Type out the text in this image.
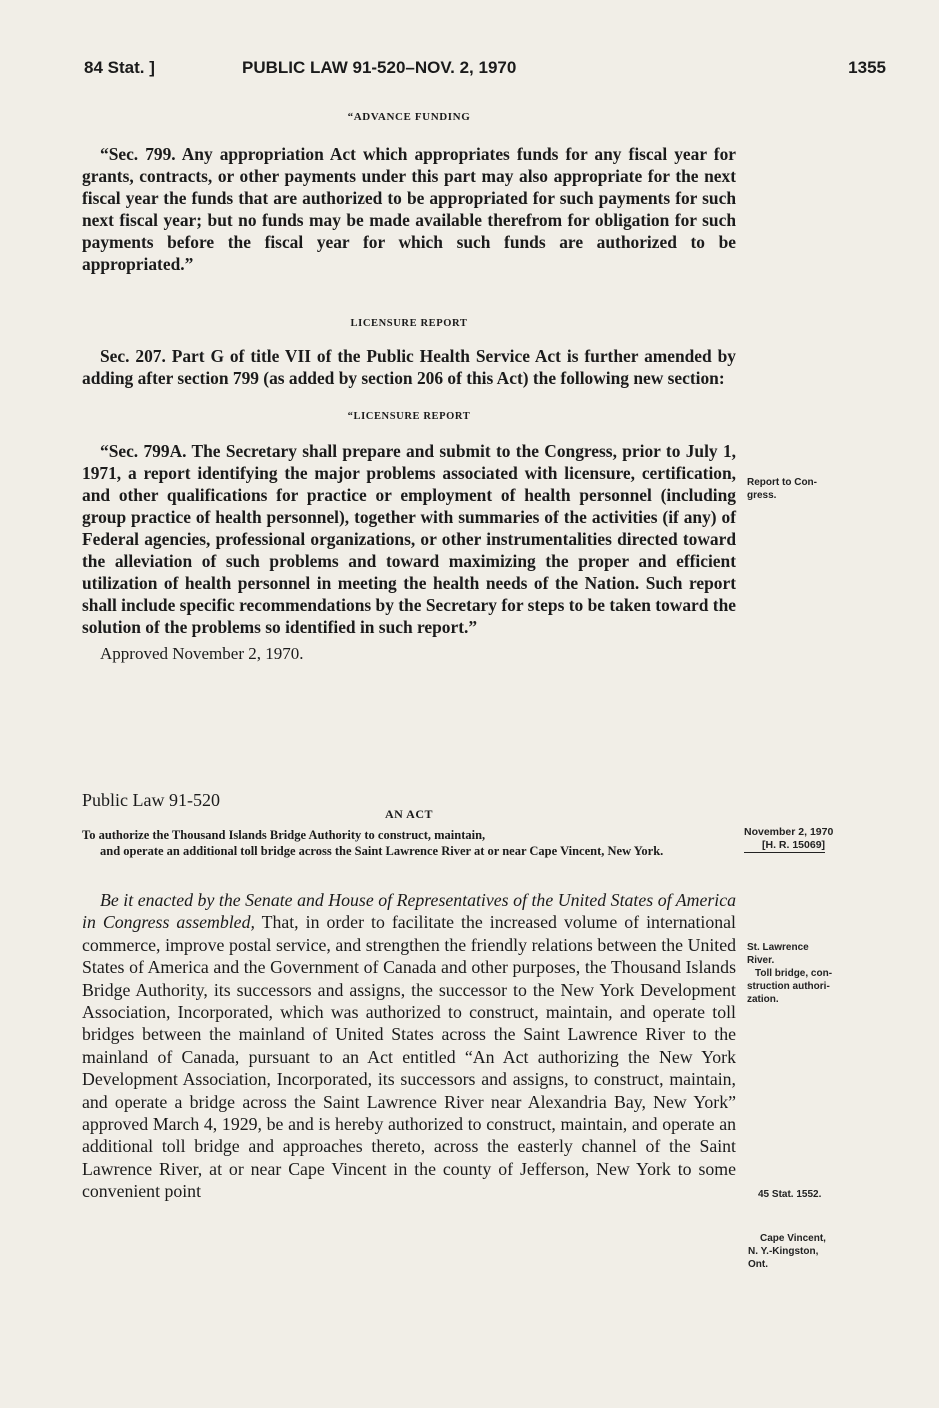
84 Stat. ]	PUBLIC LAW 91-520–NOV. 2, 1970	1355
“ADVANCE FUNDING

“Sec. 799. Any appropriation Act which appropriates funds for any fiscal year for grants, contracts, or other payments under this part may also appropriate for the next fiscal year the funds that are authorized to be appropriated for such payments for such next fiscal year; but no funds may be made available therefrom for obligation for such payments before the fiscal year for which such funds are authorized to be appropriated.”

LICENSURE REPORT

Sec. 207. Part G of title VII of the Public Health Service Act is further amended by adding after section 799 (as added by section 206 of this Act) the following new section:

“LICENSURE REPORT

“Sec. 799A. The Secretary shall prepare and submit to the Congress, prior to July 1, 1971, a report identifying the major problems associated with licensure, certification, and other qualifications for practice or employment of health personnel (including group practice of health personnel), together with summaries of the activities (if any) of Federal agencies, professional organizations, or other instrumentalities directed toward the alleviation of such problems and toward maximizing the proper and efficient utilization of health personnel in meeting the health needs of the Nation. Such report shall include specific recommendations by the Secretary for steps to be taken toward the solution of the problems so identified in such report.”

Approved November 2, 1970.

Public Law 91-520

AN ACT

To authorize the Thousand Islands Bridge Authority to construct, maintain,
and operate an additional toll bridge across the Saint Lawrence River at or near Cape Vincent, New York.

Be it enacted by the Senate and House of Representatives of the United States of America in Congress assembled, That, in order to facilitate the increased volume of international commerce, improve postal service, and strengthen the friendly relations between the United States of America and the Government of Canada and other purposes, the Thousand Islands Bridge Authority, its successors and assigns, the successor to the New York Development Association, Incorporated, which was authorized to construct, maintain, and operate toll bridges between the mainland of United States across the Saint Lawrence River to the mainland of Canada, pursuant to an Act entitled “An Act authorizing the New York Development Association, Incorporated, its successors and assigns, to construct, maintain, and operate a bridge across the Saint Lawrence River near Alexandria Bay, New York” approved March 4, 1929, be and is hereby authorized to construct, maintain, and operate an additional toll bridge and approaches thereto, across the easterly channel of the Saint Lawrence River, at or near Cape Vincent in the county of Jefferson, New York to some convenient point

Report to Con-
gress.
November 2, 1970
[H. R. 15069]
St. Lawrence
River.

Toll bridge, con-
struction authori-
zation.
45 Stat. 1552.
Cape Vincent,
N. Y.-Kingston,
Ont.
